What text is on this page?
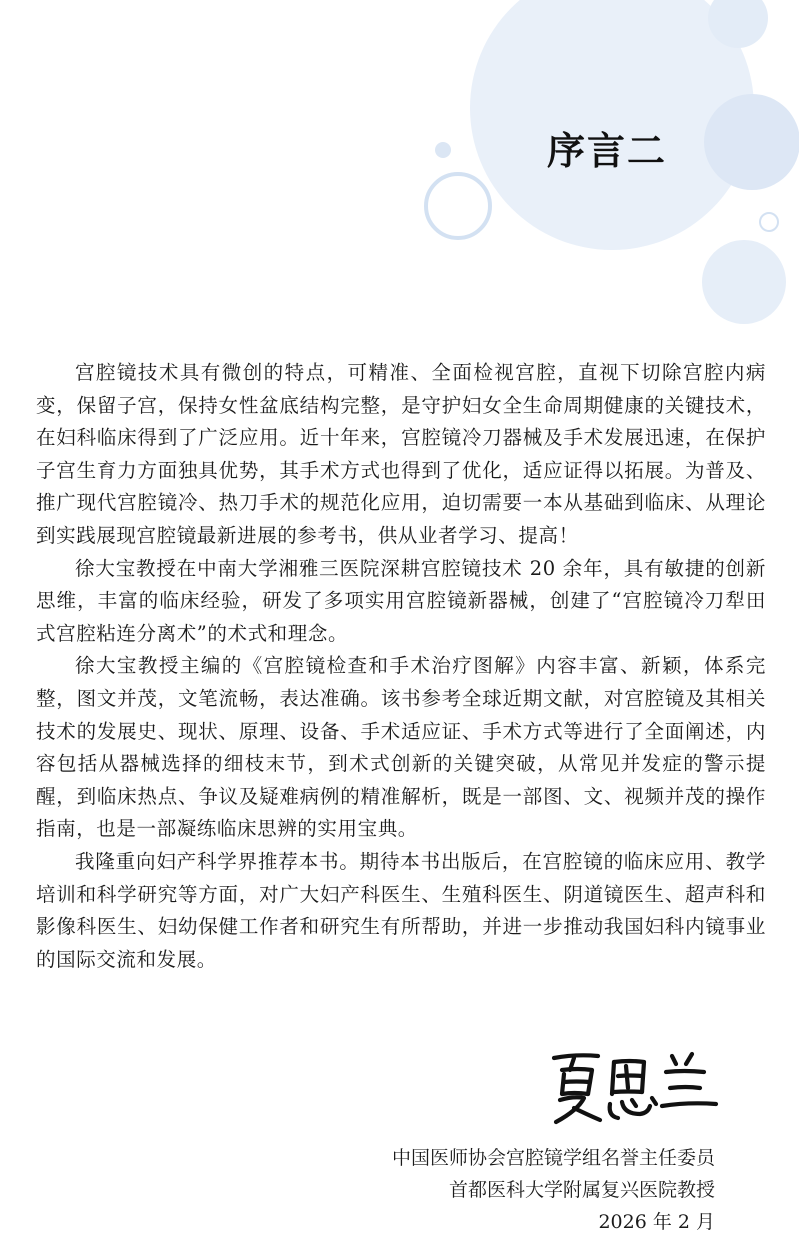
序言二

宫腔镜技术具有微创的特点，可精准、全面检视宫腔，直视下切除宫腔内病变，保留子宫，保持女性盆底结构完整，是守护妇女全生命周期健康的关键技术，在妇科临床得到了广泛应用。近十年来，宫腔镜冷刀器械及手术发展迅速，在保护子宫生育力方面独具优势，其手术方式也得到了优化，适应证得以拓展。为普及、推广现代宫腔镜冷、热刀手术的规范化应用，迫切需要一本从基础到临床、从理论到实践展现宫腔镜最新进展的参考书，供从业者学习、提高！

徐大宝教授在中南大学湘雅三医院深耕宫腔镜技术 20 余年，具有敏捷的创新思维，丰富的临床经验，研发了多项实用宫腔镜新器械，创建了“宫腔镜冷刀犁田式宫腔粘连分离术”的术式和理念。

徐大宝教授主编的《宫腔镜检查和手术治疗图解》内容丰富、新颖，体系完整，图文并茂，文笔流畅，表达准确。该书参考全球近期文献，对宫腔镜及其相关技术的发展史、现状、原理、设备、手术适应证、手术方式等进行了全面阐述，内容包括从器械选择的细枝末节，到术式创新的关键突破，从常见并发症的警示提醒，到临床热点、争议及疑难病例的精准解析，既是一部图、文、视频并茂的操作指南，也是一部凝练临床思辨的实用宝典。

我隆重向妇产科学界推荐本书。期待本书出版后，在宫腔镜的临床应用、教学培训和科学研究等方面，对广大妇产科医生、生殖科医生、阴道镜医生、超声科和影像科医生、妇幼保健工作者和研究生有所帮助，并进一步推动我国妇科内镜事业的国际交流和发展。

中国医师协会宫腔镜学组名誉主任委员
首都医科大学附属复兴医院教授
2026 年 2 月
